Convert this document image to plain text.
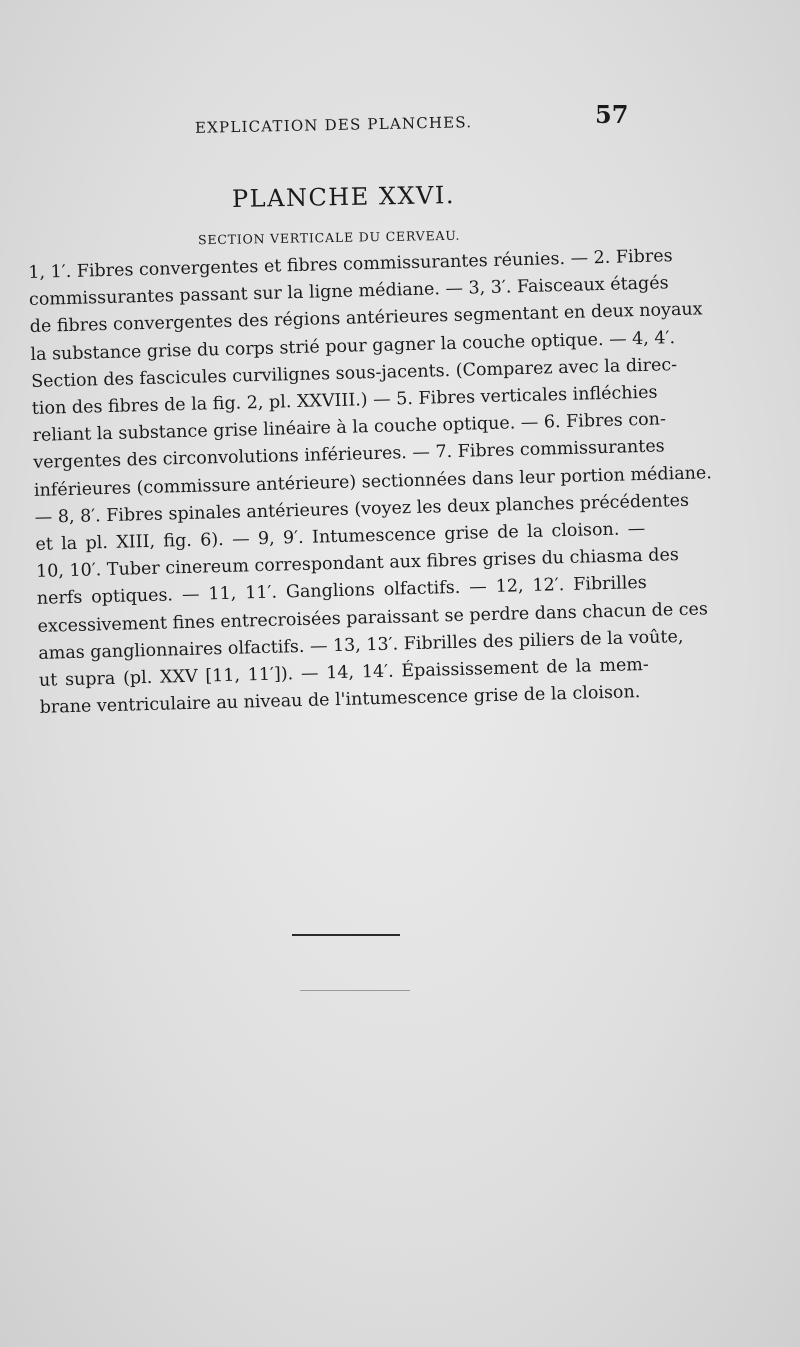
EXPLICATION DES PLANCHES.	57
PLANCHE XXVI.
SECTION VERTICALE DU CERVEAU.
1, 1′. Fibres convergentes et fibres commissurantes réunies. — 2. Fibres
commissurantes passant sur la ligne médiane. — 3, 3′. Faisceaux étagés
de fibres convergentes des régions antérieures segmentant en deux noyaux
la substance grise du corps strié pour gagner la couche optique. — 4, 4′.
Section des fascicules curvilignes sous-jacents. (Comparez avec la direc-
tion des fibres de la fig. 2, pl. XXVIII.) — 5. Fibres verticales infléchies
reliant la substance grise linéaire à la couche optique. — 6. Fibres con-
vergentes des circonvolutions inférieures. — 7. Fibres commissurantes
inférieures (commissure antérieure) sectionnées dans leur portion médiane.
— 8, 8′. Fibres spinales antérieures (voyez les deux planches précédentes
et la pl. XIII, fig. 6). — 9, 9′. Intumescence grise de la cloison. —
10, 10′. Tuber cinereum correspondant aux fibres grises du chiasma des
nerfs optiques. — 11, 11′. Ganglions olfactifs. — 12, 12′. Fibrilles
excessivement fines entrecroisées paraissant se perdre dans chacun de ces
amas ganglionnaires olfactifs. — 13, 13′. Fibrilles des piliers de la voûte,
ut supra (pl. XXV [11, 11′]). — 14, 14′. Épaississement de la mem-
brane ventriculaire au niveau de l'intumescence grise de la cloison.
